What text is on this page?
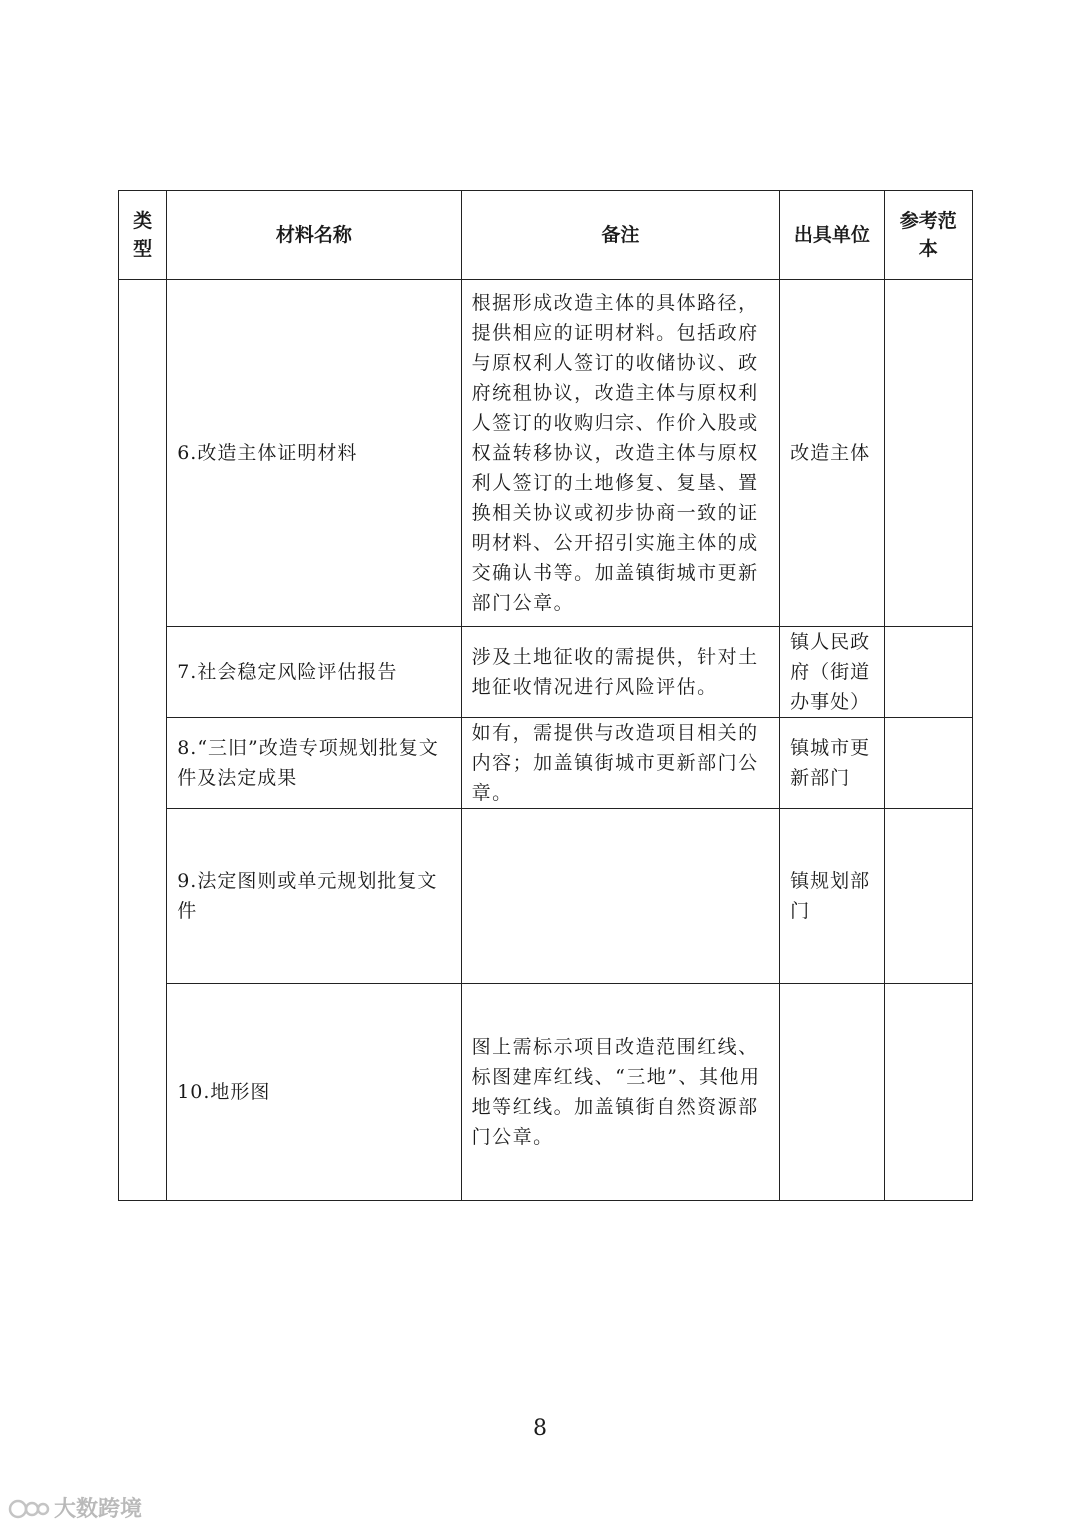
类型	材料名称	备注	出具单位	参考范本
	6.改造主体证明材料	根据形成改造主体的具体路径，提供相应的证明材料。包括政府与原权利人签订的收储协议、政府统租协议，改造主体与原权利人签订的收购归宗、作价入股或权益转移协议，改造主体与原权利人签订的土地修复、复垦、置换相关协议或初步协商一致的证明材料、公开招引实施主体的成交确认书等。加盖镇街城市更新部门公章。	改造主体	
	7.社会稳定风险评估报告	涉及土地征收的需提供，针对土地征收情况进行风险评估。	镇人民政府（街道办事处）	
	8.“三旧”改造专项规划批复文件及法定成果	如有，需提供与改造项目相关的内容；加盖镇街城市更新部门公章。	镇城市更新部门	
	9.法定图则或单元规划批复文件		镇规划部门	
	10.地形图	图上需标示项目改造范围红线、标图建库红线、“三地”、其他用地等红线。加盖镇街自然资源部门公章。		
8
大数跨境
